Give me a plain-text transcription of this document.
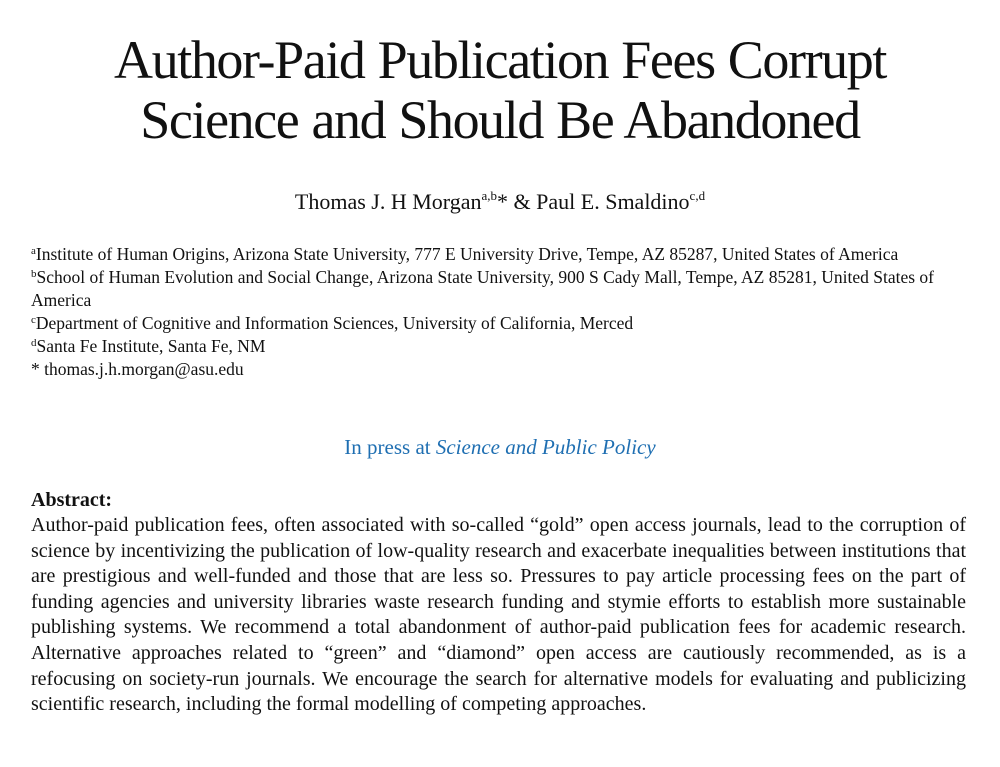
Author-Paid Publication Fees Corrupt
Science and Should Be Abandoned
Thomas J. H Morgan$^{a,b}$* & Paul E. Smaldino$^{c,d}$
$^a$Institute of Human Origins, Arizona State University, 777 E University Drive, Tempe, AZ 85287, United States of America
$^b$School of Human Evolution and Social Change, Arizona State University, 900 S Cady Mall, Tempe, AZ 85281, United States of America
$^c$Department of Cognitive and Information Sciences, University of California, Merced
$^d$Santa Fe Institute, Santa Fe, NM
* thomas.j.h.morgan@asu.edu
In press at Science and Public Policy
Abstract:
Author-paid publication fees, often associated with so-called “gold” open access journals, lead to the corruption of science by incentivizing the publication of low-quality research and exacerbate inequalities between institutions that are prestigious and well-funded and those that are less so. Pressures to pay article processing fees on the part of funding agencies and university libraries waste research funding and stymie efforts to establish more sustainable publishing systems. We recommend a total abandonment of author-paid publication fees for academic research. Alternative approaches related to “green” and “diamond” open access are cautiously recommended, as is a refocusing on society-run journals. We encourage the search for alternative models for evaluating and publicizing scientific research, including the formal modelling of competing approaches.
